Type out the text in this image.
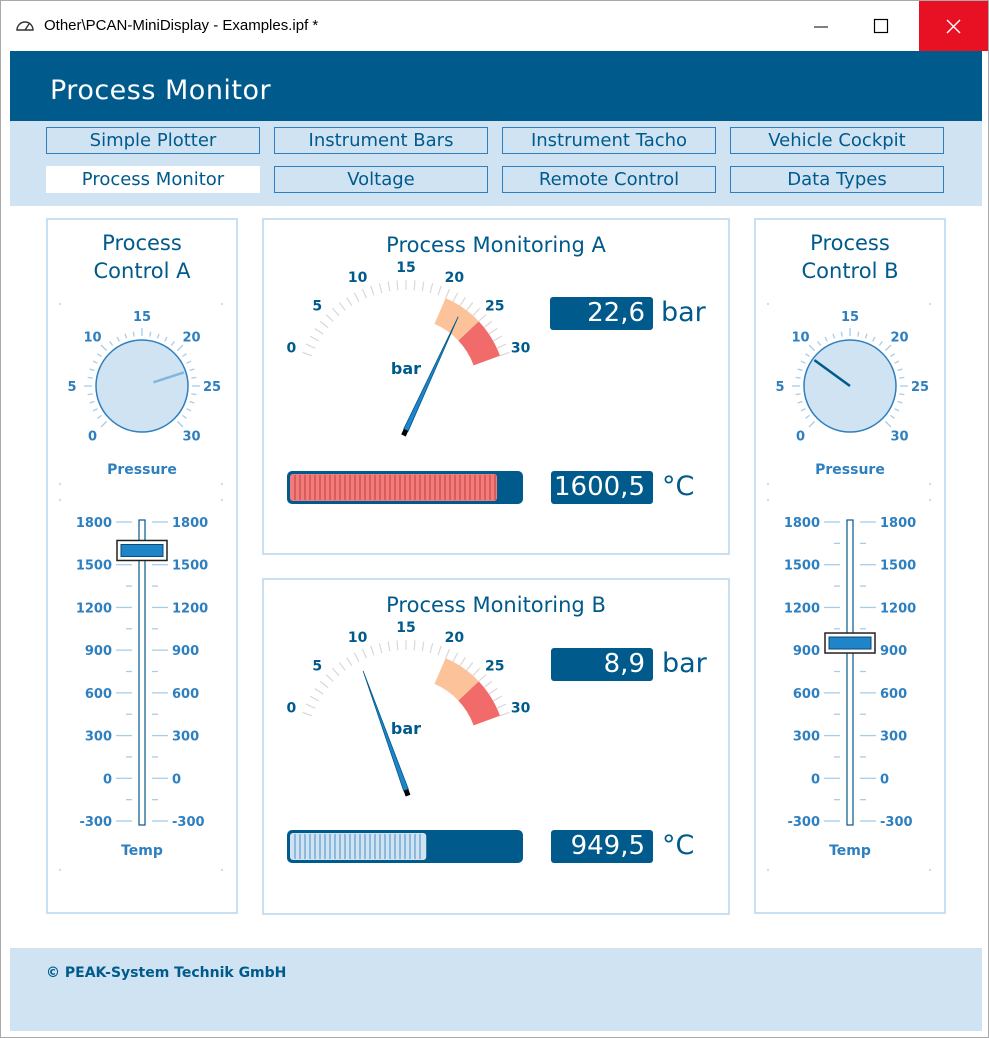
Other\PCAN-MiniDisplay - Examples.ipf *
Process Monitor
Simple Plotter	Instrument Bars	Instrument Tacho	Vehicle Cockpit
Process Monitor	Voltage	Remote Control	Data Types
Process
Control A
0
5
10
15
20
25
30
Pressure
1800	1800
1500	1500
1200	1200
900	900
600	600
300	300
0	0
-300	-300
Temp
Process Monitoring A
0
5
10
15
20
25
30
bar
22,6 bar
1600,5 °C
Process Monitoring B
0
5
10
15
20
25
30
bar
8,9 bar
949,5 °C
Process
Control B
0
5
10
15
20
25
30
Pressure
1800	1800
1500	1500
1200	1200
900	900
600	600
300	300
0	0
-300	-300
Temp
© PEAK-System Technik GmbH
